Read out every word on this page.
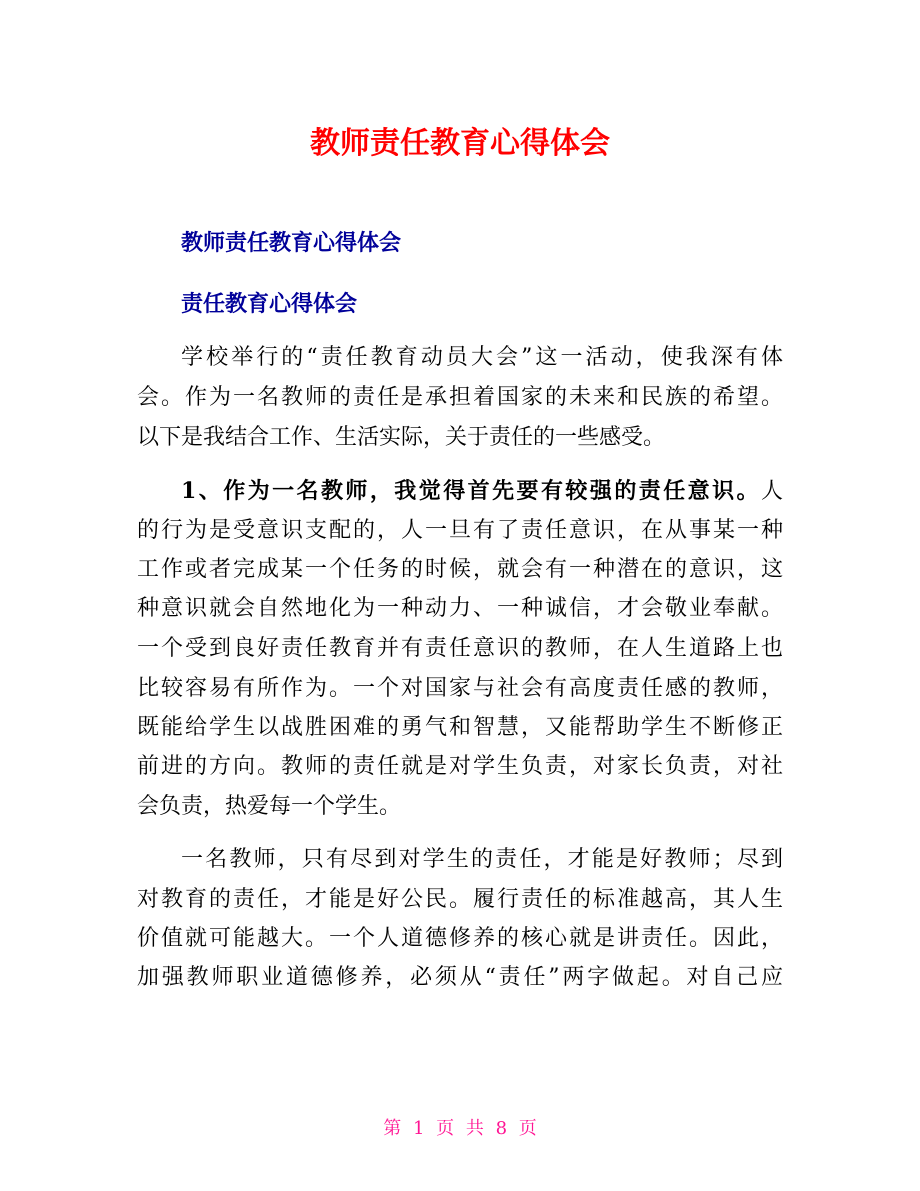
教师责任教育心得体会
教师责任教育心得体会
责任教育心得体会
学校举行的“责任教育动员大会”这一活动，使我深有体
会。作为一名教师的责任是承担着国家的未来和民族的希望。
以下是我结合工作、生活实际，关于责任的一些感受。
1、作为一名教师，我觉得首先要有较强的责任意识。人
的行为是受意识支配的，人一旦有了责任意识，在从事某一种
工作或者完成某一个任务的时候，就会有一种潜在的意识，这
种意识就会自然地化为一种动力、一种诚信，才会敬业奉献。
一个受到良好责任教育并有责任意识的教师，在人生道路上也
比较容易有所作为。一个对国家与社会有高度责任感的教师，
既能给学生以战胜困难的勇气和智慧，又能帮助学生不断修正
前进的方向。教师的责任就是对学生负责，对家长负责，对社
会负责，热爱每一个学生。
一名教师，只有尽到对学生的责任，才能是好教师；尽到
对教育的责任，才能是好公民。履行责任的标准越高，其人生
价值就可能越大。一个人道德修养的核心就是讲责任。因此，
加强教师职业道德修养，必须从“责任”两字做起。对自己应
第 1 页 共 8 页
